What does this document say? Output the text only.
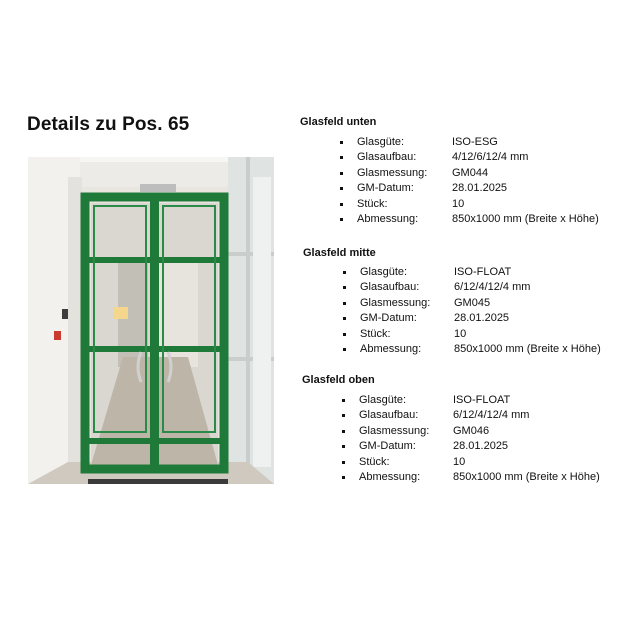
Details zu Pos. 65	Glasfeld unten
Glasgüte:	ISO-ESG
Glasaufbau:	4/12/6/12/4 mm
Glasmessung: GM044
GM-Datum:	28.01.2025
Stück:	10
Abmessung:	850x1000 mm (Breite x Höhe)
Glasfeld mitte
Glasgüte:	ISO-FLOAT
Glasaufbau:	6/12/4/12/4 mm
Glasmessung: GM045
GM-Datum:	28.01.2025
Stück:	10
Abmessung:	850x1000 mm (Breite x Höhe)
Glasfeld oben
Glasgüte:	ISO-FLOAT
Glasaufbau:	6/12/4/12/4 mm
Glasmessung: GM046
GM-Datum:	28.01.2025
Stück:	10
Abmessung:	850x1000 mm (Breite x Höhe)
